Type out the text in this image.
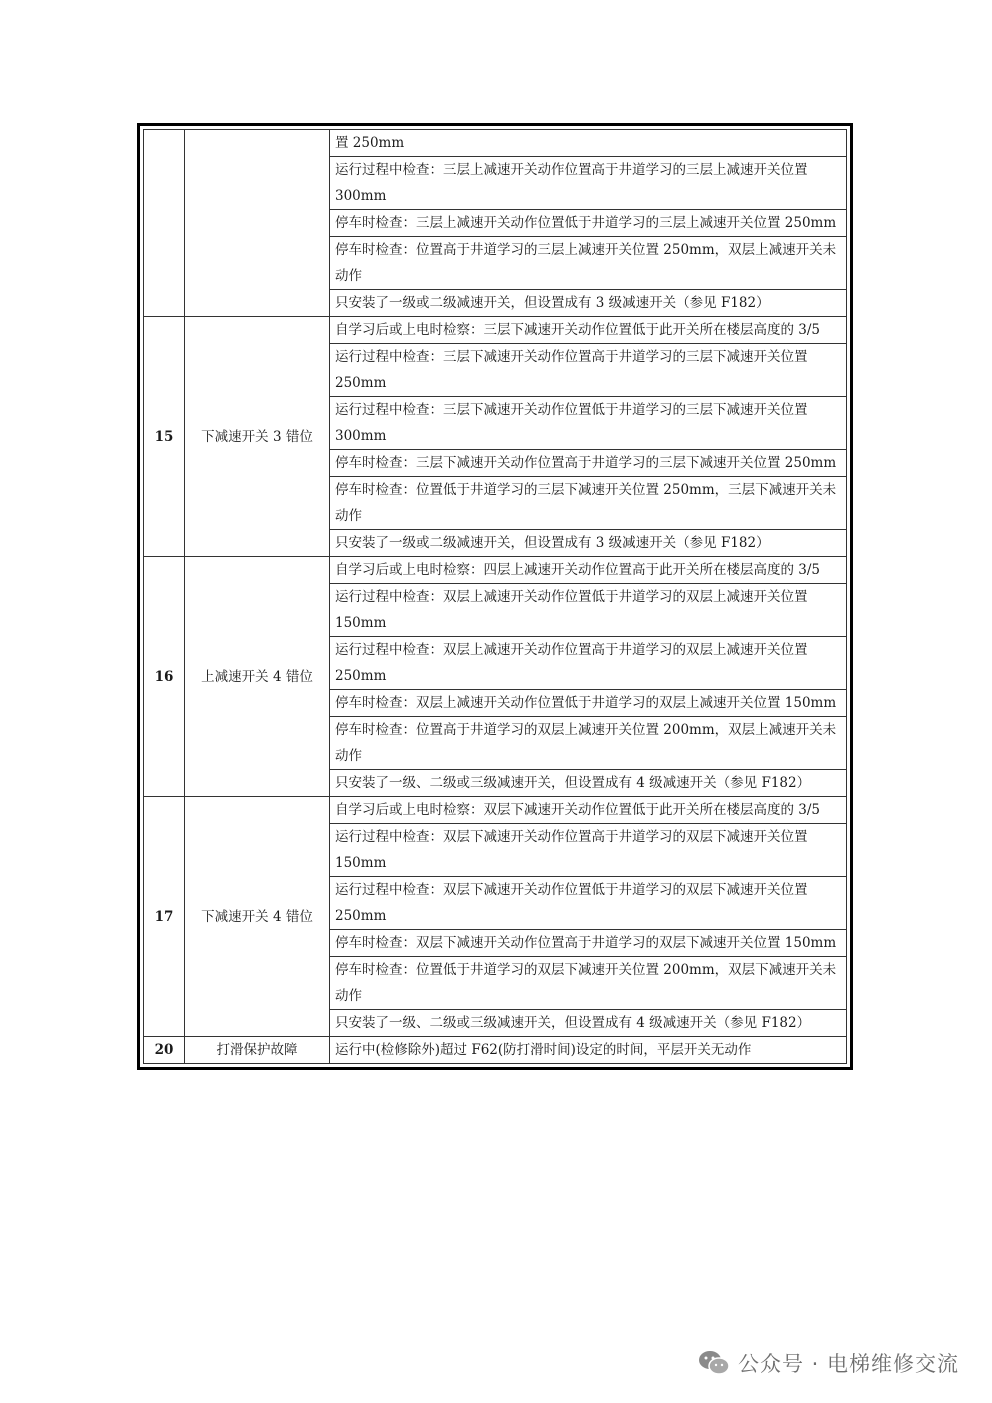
		置 250mm
		运行过程中检查：三层上减速开关动作位置高于井道学习的三层上减速开关位置 300mm
		停车时检查：三层上减速开关动作位置低于井道学习的三层上减速开关位置 250mm
		停车时检查：位置高于井道学习的三层上减速开关位置 250mm，双层上减速开关未动作
		只安装了一级或二级减速开关，但设置成有 3 级减速开关（参见 F182）
15	下减速开关 3 错位	自学习后或上电时检察：三层下减速开关动作位置低于此开关所在楼层高度的 3/5
		运行过程中检查：三层下减速开关动作位置高于井道学习的三层下减速开关位置 250mm
		运行过程中检查：三层下减速开关动作位置低于井道学习的三层下减速开关位置 300mm
		停车时检查：三层下减速开关动作位置高于井道学习的三层下减速开关位置 250mm
		停车时检查：位置低于井道学习的三层下减速开关位置 250mm，三层下减速开关未动作
		只安装了一级或二级减速开关，但设置成有 3 级减速开关（参见 F182）
16	上减速开关 4 错位	自学习后或上电时检察：四层上减速开关动作位置高于此开关所在楼层高度的 3/5
		运行过程中检查：双层上减速开关动作位置低于井道学习的双层上减速开关位置 150mm
		运行过程中检查：双层上减速开关动作位置高于井道学习的双层上减速开关位置 250mm
		停车时检查：双层上减速开关动作位置低于井道学习的双层上减速开关位置 150mm
		停车时检查：位置高于井道学习的双层上减速开关位置 200mm，双层上减速开关未动作
		只安装了一级、二级或三级减速开关，但设置成有 4 级减速开关（参见 F182）
17	下减速开关 4 错位	自学习后或上电时检察：双层下减速开关动作位置低于此开关所在楼层高度的 3/5
		运行过程中检查：双层下减速开关动作位置高于井道学习的双层下减速开关位置 150mm
		运行过程中检查：双层下减速开关动作位置低于井道学习的双层下减速开关位置 250mm
		停车时检查：双层下减速开关动作位置高于井道学习的双层下减速开关位置 150mm
		停车时检查：位置低于井道学习的双层下减速开关位置 200mm，双层下减速开关未动作
		只安装了一级、二级或三级减速开关，但设置成有 4 级减速开关（参见 F182）
20	打滑保护故障	运行中(检修除外)超过 F62(防打滑时间)设定的时间，平层开关无动作
公众号 · 电梯维修交流
